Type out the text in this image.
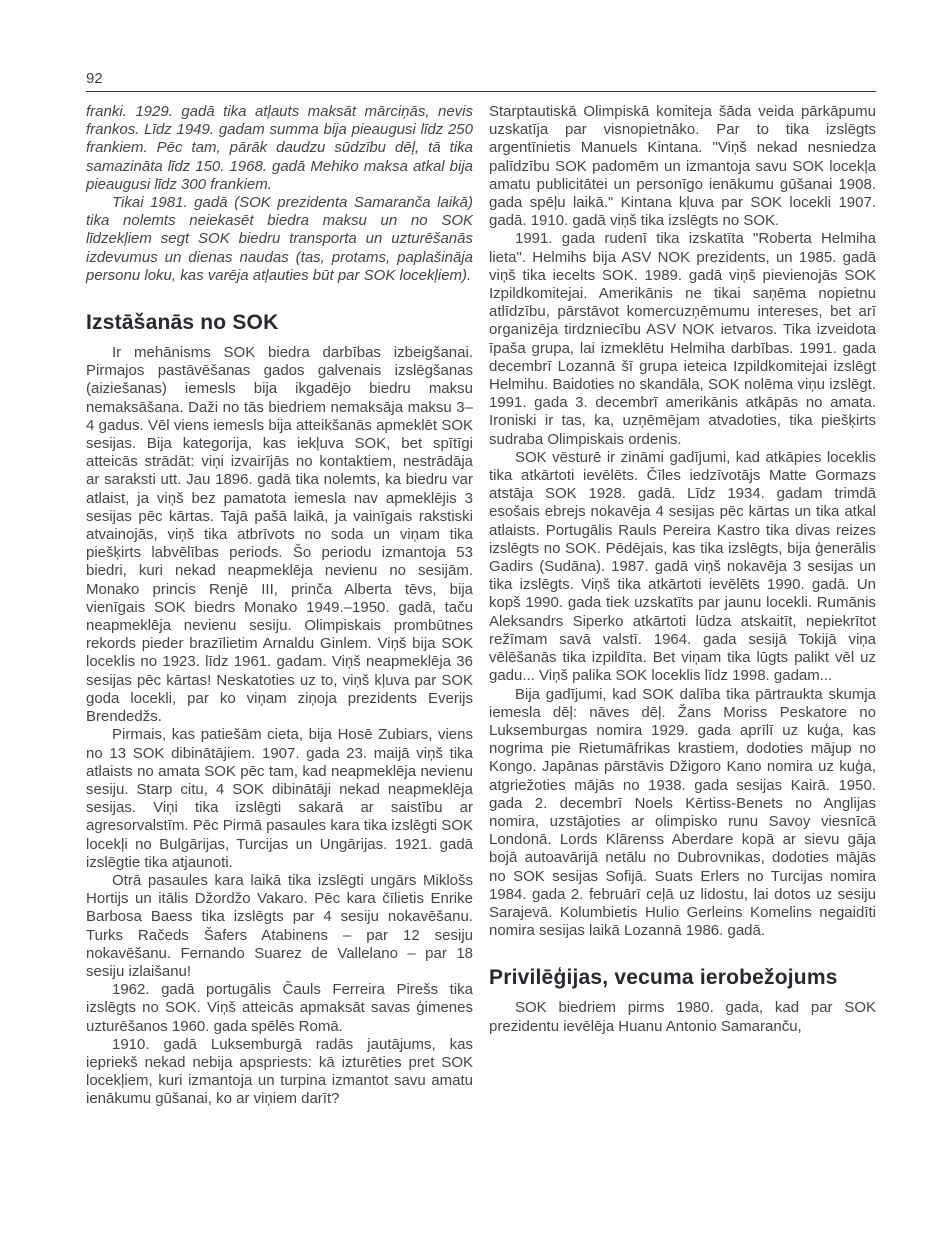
92

franki. 1929. gadā tika atļauts maksāt mārciņās, nevis frankos. Līdz 1949. gadam summa bija pieaugusi līdz 250 frankiem. Pēc tam, pārāk daudzu sūdzību dēļ, tā tika samazināta līdz 150. 1968. gadā Mehiko maksa atkal bija pieaugusi līdz 300 frankiem.

Tikai 1981. gadā (SOK prezidenta Samaranča laikā) tika nolemts neiekasēt biedra maksu un no SOK līdzekļiem segt SOK biedru transporta un uzturēšanās izdevumus un dienas naudas (tas, protams, paplašināja personu loku, kas varēja atļauties būt par SOK locekļiem).

Izstāšanās no SOK

Ir mehānisms SOK biedra darbības izbeigšanai. Pirmajos pastāvēšanas gados galvenais izslēgšanas (aiziešanas) iemesls bija ikgadējo biedru maksu nemaksāšana. Daži no tās biedriem nemaksāja maksu 3–4 gadus. Vēl viens iemesls bija atteikšanās apmeklēt SOK sesijas. Bija kategorija, kas iekļuva SOK, bet spītīgi atteicās strādāt: viņi izvairījās no kontaktiem, nestrādāja ar saraksti utt. Jau 1896. gadā tika nolemts, ka biedru var atlaist, ja viņš bez pamatota iemesla nav apmeklējis 3 sesijas pēc kārtas. Tajā pašā laikā, ja vainīgais rakstiski atvainojās, viņš tika atbrīvots no soda un viņam tika piešķirts labvēlības periods. Šo periodu izmantoja 53 biedri, kuri nekad neapmeklēja nevienu no sesijām. Monako princis Renjē III, prinča Alberta tēvs, bija vienīgais SOK biedrs Monako 1949.–1950. gadā, taču neapmeklēja nevienu sesiju. Olimpiskais prombūtnes rekords pieder brazīlietim Arnaldu Ginlem. Viņš bija SOK loceklis no 1923. līdz 1961. gadam. Viņš neapmeklēja 36 sesijas pēc kārtas! Neskatoties uz to, viņš kļuva par SOK goda locekli, par ko viņam ziņoja prezidents Everijs Brendedžs.

Pirmais, kas patiešām cieta, bija Hosē Zubiars, viens no 13 SOK dibinātājiem. 1907. gada 23. maijā viņš tika atlaists no amata SOK pēc tam, kad neapmeklēja nevienu sesiju. Starp citu, 4 SOK dibinātāji nekad neapmeklēja sesijas. Viņi tika izslēgti sakarā ar saistību ar agresorvalstīm. Pēc Pirmā pasaules kara tika izslēgti SOK locekļi no Bulgārijas, Turcijas un Ungārijas. 1921. gadā izslēgtie tika atjaunoti.

Otrā pasaules kara laikā tika izslēgti ungārs Miklošs Hortijs un itālis Džordžo Vakaro. Pēc kara čīlietis Enrike Barbosa Baess tika izslēgts par 4 sesiju nokavēšanu. Turks Račeds Šafers Atabinens – par 12 sesiju nokavēšanu. Fernando Suarez de Vallelano – par 18 sesiju izlaišanu!

1962. gadā portugālis Čauls Ferreira Pirešs tika izslēgts no SOK. Viņš atteicās apmaksāt savas ģimenes uzturēšanos 1960. gada spēlēs Romā.

1910. gadā Luksemburgā radās jautājums, kas iepriekš nekad nebija apspriests: kā izturēties pret SOK locekļiem, kuri izmantoja un turpina izmantot savu amatu ienākumu gūšanai, ko ar viņiem darīt?

Starptautiskā Olimpiskā komiteja šāda veida pārkāpumu uzskatīja par visnopietnāko. Par to tika izslēgts argentīnietis Manuels Kintana. "Viņš nekad nesniedza palīdzību SOK padomēm un izmantoja savu SOK locekļa amatu publicitātei un personīgo ienākumu gūšanai 1908. gada spēļu laikā." Kintana kļuva par SOK locekli 1907. gadā. 1910. gadā viņš tika izslēgts no SOK.

1991. gada rudenī tika izskatīta "Roberta Helmiha lieta". Helmihs bija ASV NOK prezidents, un 1985. gadā viņš tika iecelts SOK. 1989. gadā viņš pievienojās SOK Izpildkomitejai. Amerikānis ne tikai saņēma nopietnu atlīdzību, pārstāvot komercuzņēmumu intereses, bet arī organizēja tirdzniecību ASV NOK ietvaros. Tika izveidota īpaša grupa, lai izmeklētu Helmiha darbības. 1991. gada decembrī Lozannā šī grupa ieteica Izpildkomitejai izslēgt Helmihu. Baidoties no skandāla, SOK nolēma viņu izslēgt. 1991. gada 3. decembrī amerikānis atkāpās no amata. Ironiski ir tas, ka, uzņēmējam atvadoties, tika piešķirts sudraba Olimpiskais ordenis.

SOK vēsturē ir zināmi gadījumi, kad atkāpies loceklis tika atkārtoti ievēlēts. Čīles iedzīvotājs Matte Gormazs atstāja SOK 1928. gadā. Līdz 1934. gadam trimdā esošais ebrejs nokavēja 4 sesijas pēc kārtas un tika atkal atlaists. Portugālis Rauls Pereira Kastro tika divas reizes izslēgts no SOK. Pēdējais, kas tika izslēgts, bija ģenerālis Gadirs (Sudāna). 1987. gadā viņš nokavēja 3 sesijas un tika izslēgts. Viņš tika atkārtoti ievēlēts 1990. gadā. Un kopš 1990. gada tiek uzskatīts par jaunu locekli. Rumānis Aleksandrs Siperko atkārtoti lūdza atskaitīt, nepiekrītot režīmam savā valstī. 1964. gada sesijā Tokijā viņa vēlēšanās tika izpildīta. Bet viņam tika lūgts palikt vēl uz gadu... Viņš palika SOK loceklis līdz 1998. gadam...

Bija gadījumi, kad SOK dalība tika pārtraukta skumja iemesla dēļ: nāves dēļ. Žans Moriss Peskatore no Luksemburgas nomira 1929. gada aprīlī uz kuģa, kas nogrima pie Rietumāfrikas krastiem, dodoties mājup no Kongo. Japānas pārstāvis Džigoro Kano nomira uz kuģa, atgriežoties mājās no 1938. gada sesijas Kairā. 1950. gada 2. decembrī Noels Kērtiss-Benets no Anglijas nomira, uzstājoties ar olimpisko runu Savoy viesnīcā Londonā. Lords Klārenss Aberdare kopā ar sievu gāja bojā autoavārijā netālu no Dubrovnikas, dodoties mājās no SOK sesijas Sofijā. Suats Erlers no Turcijas nomira 1984. gada 2. februārī ceļā uz lidostu, lai dotos uz sesiju Sarajevā. Kolumbietis Hulio Gerleins Komelins negaidīti nomira sesijas laikā Lozannā 1986. gadā.

Privilēģijas, vecuma ierobežojums

SOK biedriem pirms 1980. gada, kad par SOK prezidentu ievēlēja Huanu Antonio Samaranču,
